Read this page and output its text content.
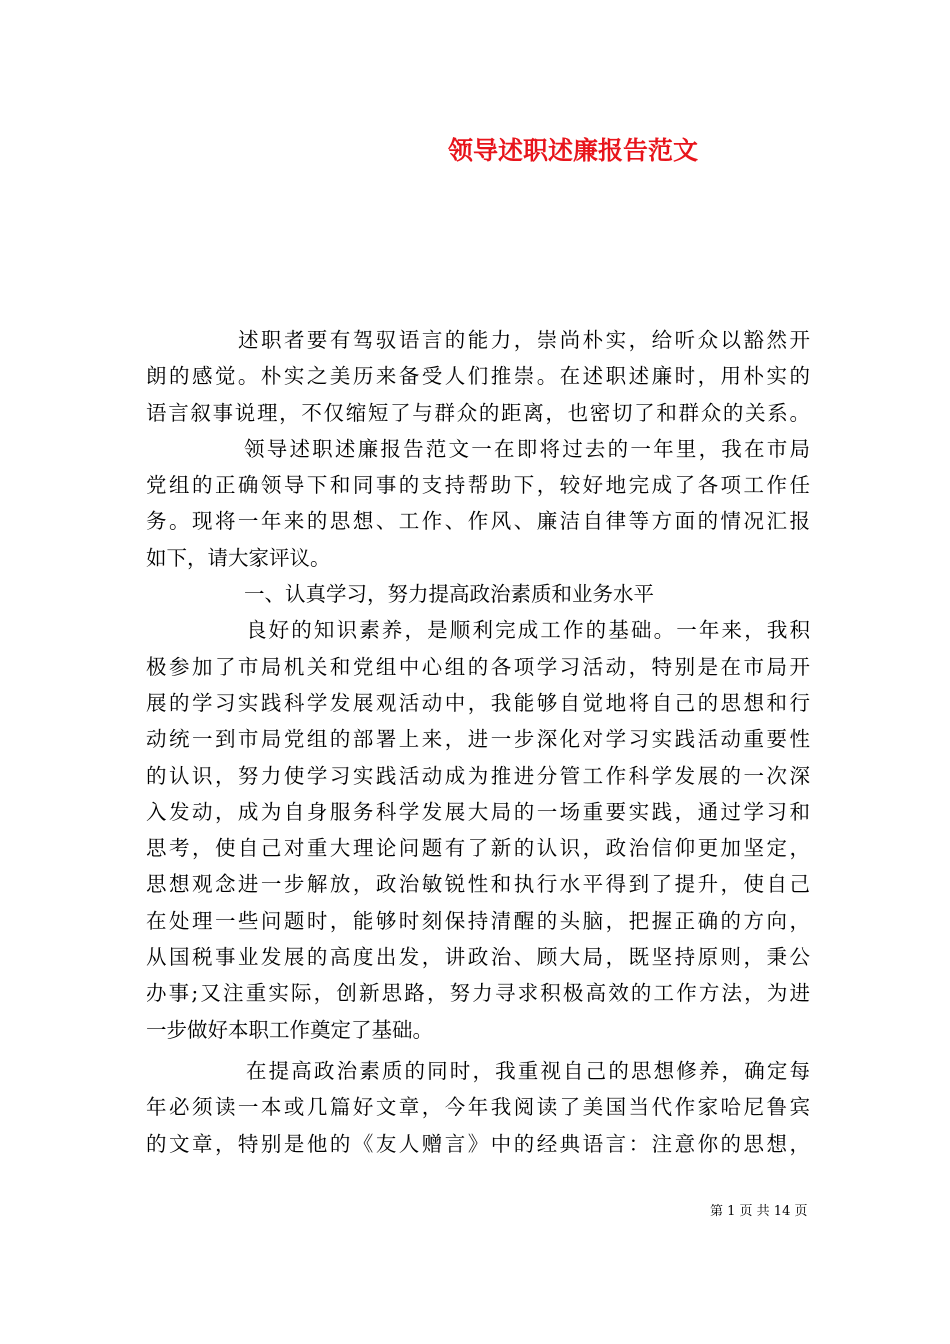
领导述职述廉报告范文
述职者要有驾驭语言的能力，崇尚朴实，给听众以豁然开
朗的感觉。朴实之美历来备受人们推崇。在述职述廉时，用朴实的
语言叙事说理，不仅缩短了与群众的距离，也密切了和群众的关系。
领导述职述廉报告范文一在即将过去的一年里，我在市局
党组的正确领导下和同事的支持帮助下，较好地完成了各项工作任
务。现将一年来的思想、工作、作风、廉洁自律等方面的情况汇报
如下，请大家评议。
一、认真学习，努力提高政治素质和业务水平
良好的知识素养，是顺利完成工作的基础。一年来，我积
极参加了市局机关和党组中心组的各项学习活动，特别是在市局开
展的学习实践科学发展观活动中，我能够自觉地将自己的思想和行
动统一到市局党组的部署上来，进一步深化对学习实践活动重要性
的认识，努力使学习实践活动成为推进分管工作科学发展的一次深
入发动，成为自身服务科学发展大局的一场重要实践，通过学习和
思考，使自己对重大理论问题有了新的认识，政治信仰更加坚定，
思想观念进一步解放，政治敏锐性和执行水平得到了提升，使自己
在处理一些问题时，能够时刻保持清醒的头脑，把握正确的方向，
从国税事业发展的高度出发，讲政治、顾大局，既坚持原则，秉公
办事;又注重实际，创新思路，努力寻求积极高效的工作方法，为进
一步做好本职工作奠定了基础。
在提高政治素质的同时，我重视自己的思想修养，确定每
年必须读一本或几篇好文章，今年我阅读了美国当代作家哈尼鲁宾
的文章，特别是他的《友人赠言》中的经典语言：注意你的思想，
第 1 页 共 14 页
